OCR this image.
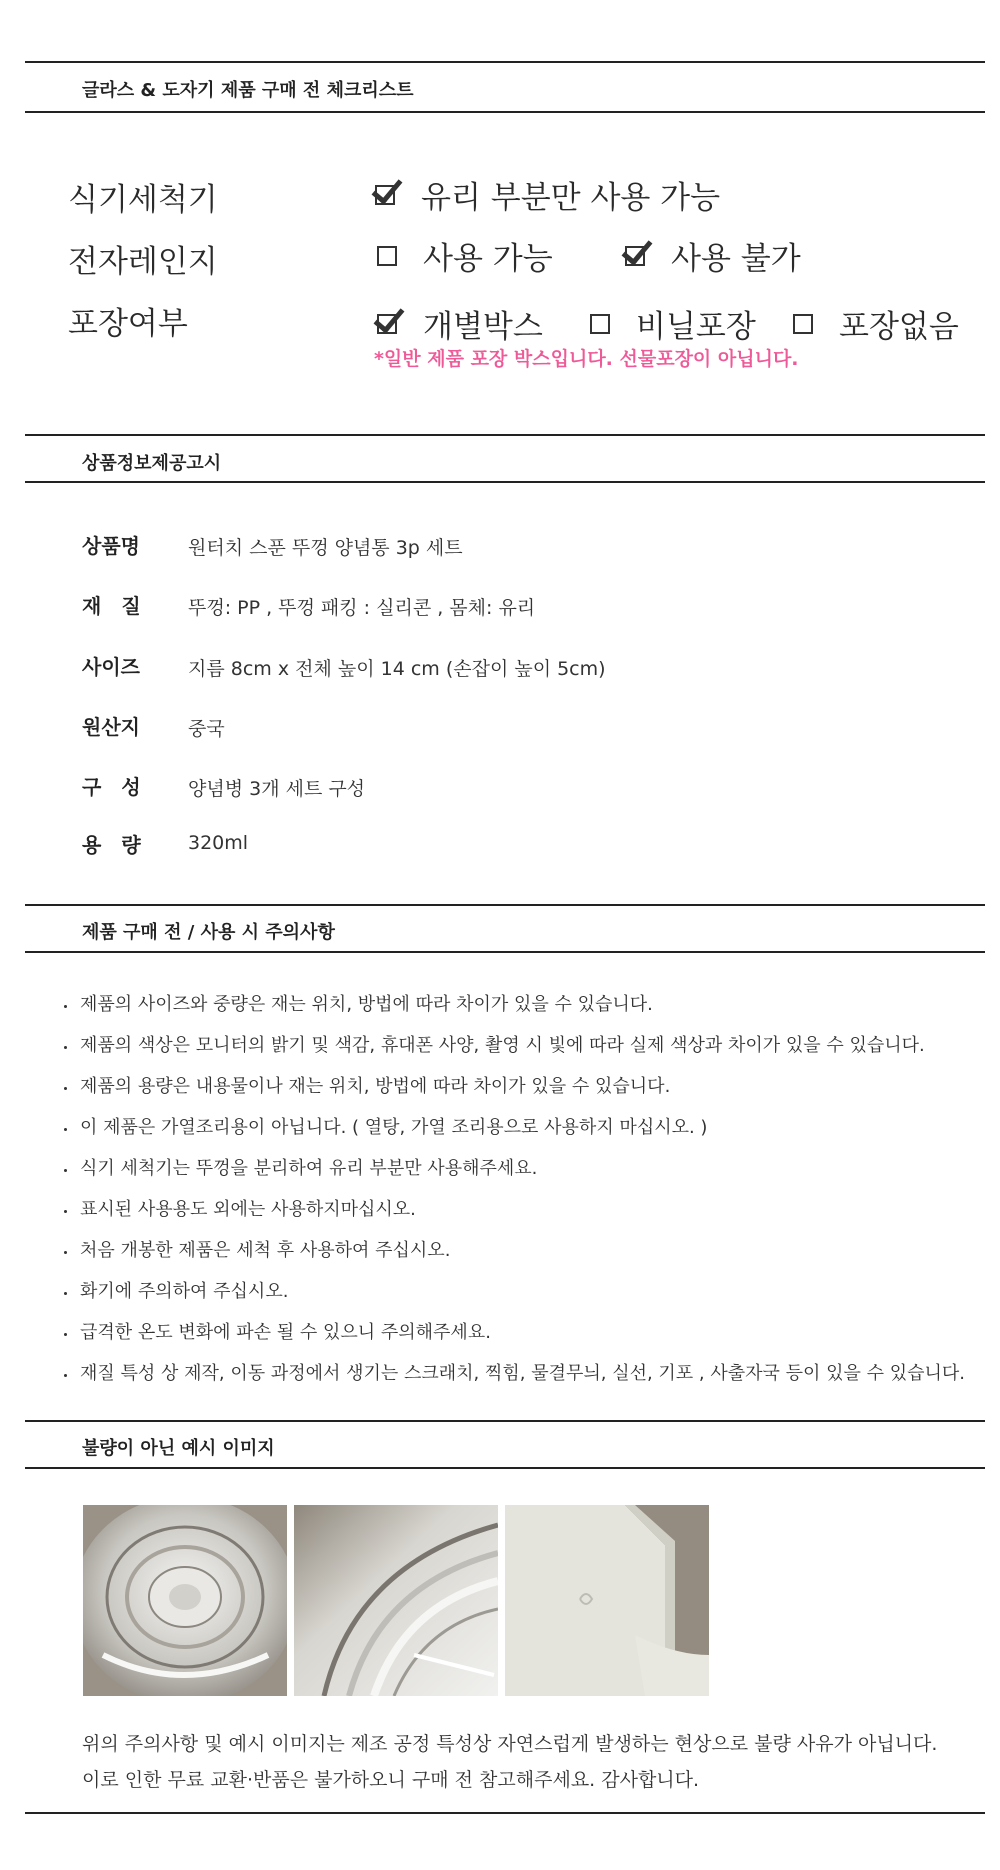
글라스 & 도자기 제품 구매 전 체크리스트
식기세척기	유리 부분만 사용 가능
전자레인지	사용 가능	사용 불가
포장여부	개별박스	비닐포장	포장없음
*일반 제품 포장 박스입니다. 선물포장이 아닙니다.
상품정보제공고시
상품명	원터치 스푼 뚜껑 양념통 3p 세트
재　질 뚜껑: PP , 뚜껑 패킹 : 실리콘 , 몸체: 유리
사이즈	지름 8cm x 전체 높이 14 cm (손잡이 높이 5cm)
원산지	중국
구　성 양념병 3개 세트 구성
용　량 320ml
제품 구매 전 / 사용 시 주의사항
제품의 사이즈와 중량은 재는 위치, 방법에 따라 차이가 있을 수 있습니다.
제품의 색상은 모니터의 밝기 및 색감, 휴대폰 사양, 촬영 시 빛에 따라 실제 색상과 차이가 있을 수 있습니다.
제품의 용량은 내용물이나 재는 위치, 방법에 따라 차이가 있을 수 있습니다.
이 제품은 가열조리용이 아닙니다. ( 열탕, 가열 조리용으로 사용하지 마십시오. )
식기 세척기는 뚜껑을 분리하여 유리 부분만 사용해주세요.
표시된 사용용도 외에는 사용하지마십시오.
처음 개봉한 제품은 세척 후 사용하여 주십시오.
화기에 주의하여 주십시오.
급격한 온도 변화에 파손 될 수 있으니 주의해주세요.
재질 특성 상 제작, 이동 과정에서 생기는 스크래치, 찍힘, 물결무늬, 실선, 기포 , 사출자국 등이 있을 수 있습니다.
불량이 아닌 예시 이미지
위의 주의사항 및 예시 이미지는 제조 공정 특성상 자연스럽게 발생하는 현상으로 불량 사유가 아닙니다.
이로 인한 무료 교환·반품은 불가하오니 구매 전 참고해주세요. 감사합니다.
